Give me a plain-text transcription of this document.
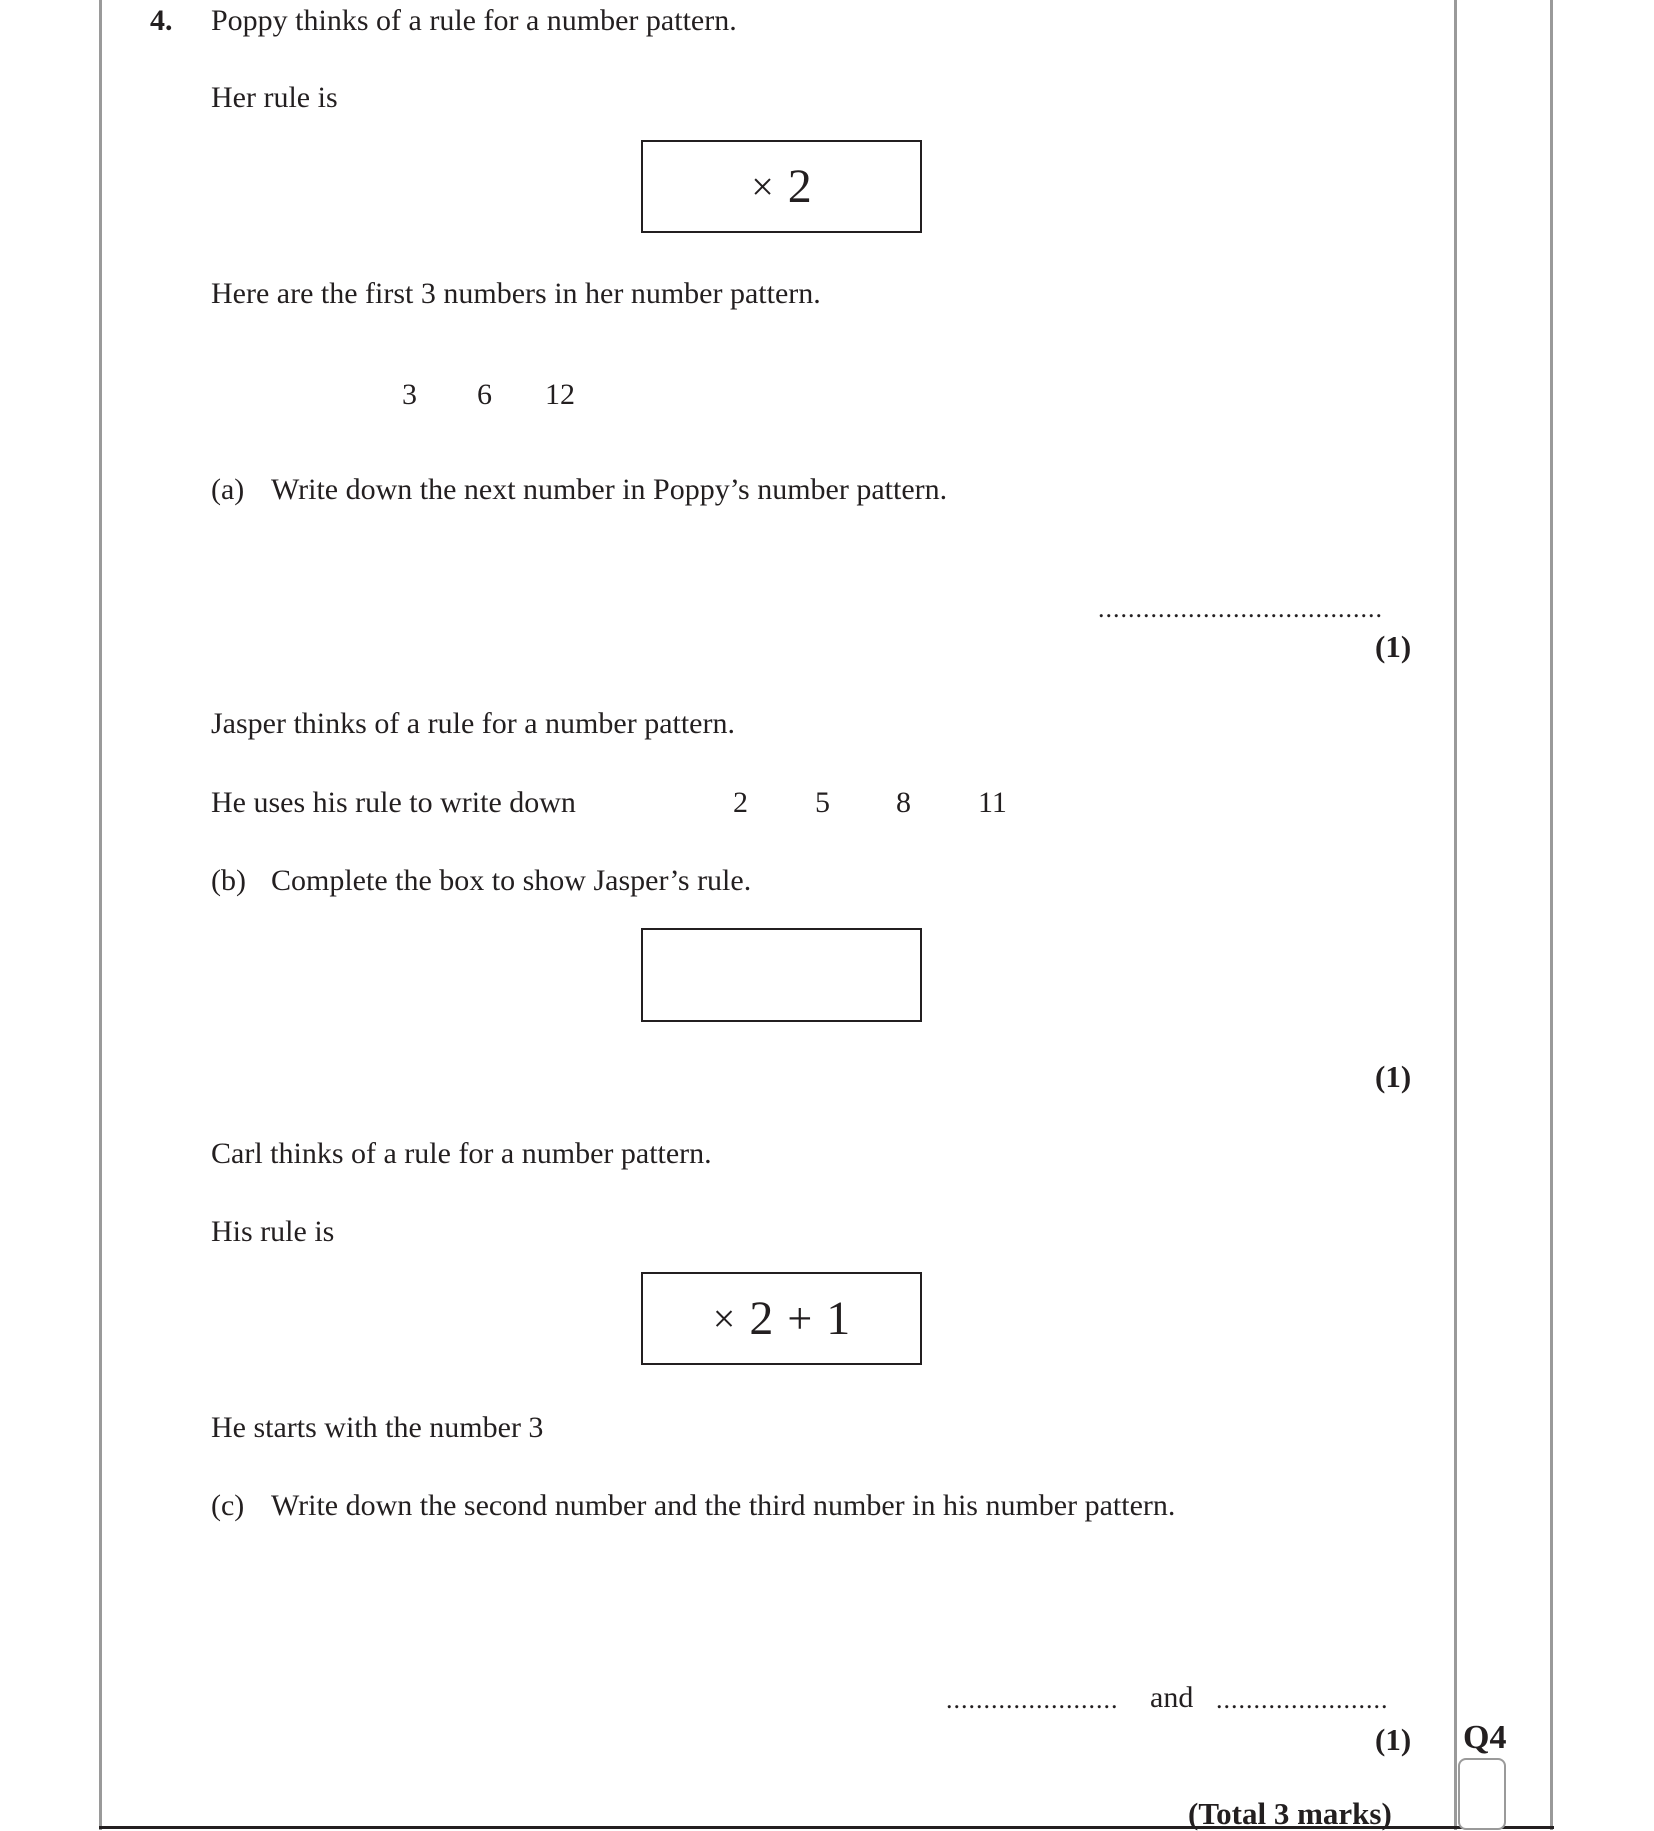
4. Poppy thinks of a rule for a number pattern.
Her rule is
× 2
Here are the first 3 numbers in her number pattern.
3 6 12
(a) Write down the next number in Poppy’s number pattern.
......................................
(1)
Jasper thinks of a rule for a number pattern.
He uses his rule to write down	2 5 8 11
(b) Complete the box to show Jasper’s rule.
(1)
Carl thinks of a rule for a number pattern.
His rule is
× 2 + 1
He starts with the number 3
(c) Write down the second number and the third number in his number pattern.
....................... and .......................
(1)
(Total 3 marks)
Q4
